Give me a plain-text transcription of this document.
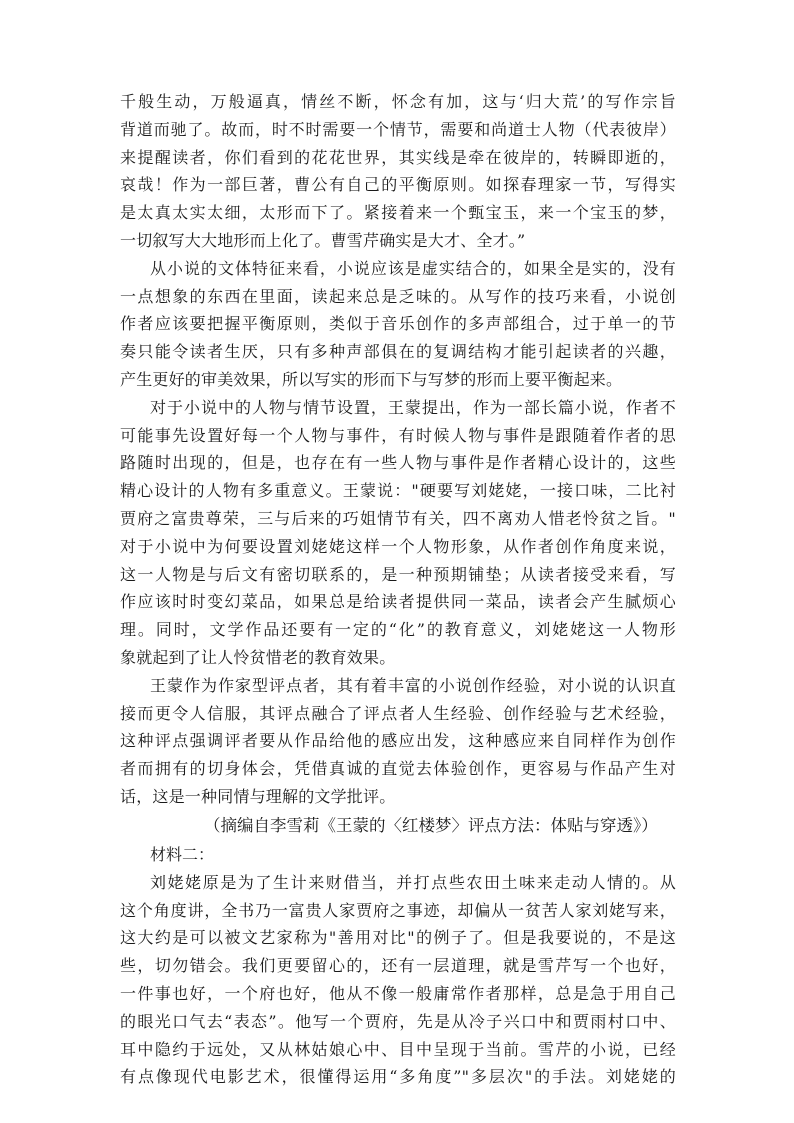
千般生动，万般逼真，情丝不断，怀念有加，这与‘归大荒’的写作宗旨
背道而驰了。故而，时不时需要一个情节，需要和尚道士人物（代表彼岸）
来提醒读者，你们看到的花花世界，其实线是牵在彼岸的，转瞬即逝的，
哀哉！作为一部巨著，曹公有自己的平衡原则。如探春理家一节，写得实
是太真太实太细，太形而下了。紧接着来一个甄宝玉，来一个宝玉的梦，
一切叙写大大地形而上化了。曹雪芹确实是大才、全才。”
从小说的文体特征来看，小说应该是虚实结合的，如果全是实的，没有
一点想象的东西在里面，读起来总是乏味的。从写作的技巧来看，小说创
作者应该要把握平衡原则，类似于音乐创作的多声部组合，过于单一的节
奏只能令读者生厌，只有多种声部俱在的复调结构才能引起读者的兴趣，
产生更好的审美效果，所以写实的形而下与写梦的形而上要平衡起来。
对于小说中的人物与情节设置，王蒙提出，作为一部长篇小说，作者不
可能事先设置好每一个人物与事件，有时候人物与事件是跟随着作者的思
路随时出现的，但是，也存在有一些人物与事件是作者精心设计的，这些
精心设计的人物有多重意义。王蒙说："硬要写刘姥姥，一接口味，二比衬
贾府之富贵尊荣，三与后来的巧姐情节有关，四不离劝人惜老怜贫之旨。"
对于小说中为何要设置刘姥姥这样一个人物形象，从作者创作角度来说，
这一人物是与后文有密切联系的，是一种预期铺垫；从读者接受来看，写
作应该时时变幻菜品，如果总是给读者提供同一菜品，读者会产生腻烦心
理。同时，文学作品还要有一定的“化”的教育意义，刘姥姥这一人物形
象就起到了让人怜贫惜老的教育效果。
王蒙作为作家型评点者，其有着丰富的小说创作经验，对小说的认识直
接而更令人信服，其评点融合了评点者人生经验、创作经验与艺术经验，
这种评点强调评者要从作品给他的感应出发，这种感应来自同样作为创作
者而拥有的切身体会，凭借真诚的直觉去体验创作，更容易与作品产生对
话，这是一种同情与理解的文学批评。
（摘编自李雪莉《王蒙的〈红楼梦〉评点方法：体贴与穿透》）
材料二：
刘姥姥原是为了生计来财借当，并打点些农田土味来走动人情的。从
这个角度讲，全书乃一富贵人家贾府之事迹，却偏从一贫苦人家刘姥写来，
这大约是可以被文艺家称为"善用对比"的例子了。但是我要说的，不是这
些，切勿错会。我们更要留心的，还有一层道理，就是雪芹写一个也好，
一件事也好，一个府也好，他从不像一般庸常作者那样，总是急于用自己
的眼光口气去“表态”。他写一个贾府，先是从冷子兴口中和贾雨村口中、
耳中隐约于远处，又从林姑娘心中、目中呈现于当前。雪芹的小说，已经
有点像现代电影艺术，很懂得运用“多角度”"多层次"的手法。刘姥姥的
